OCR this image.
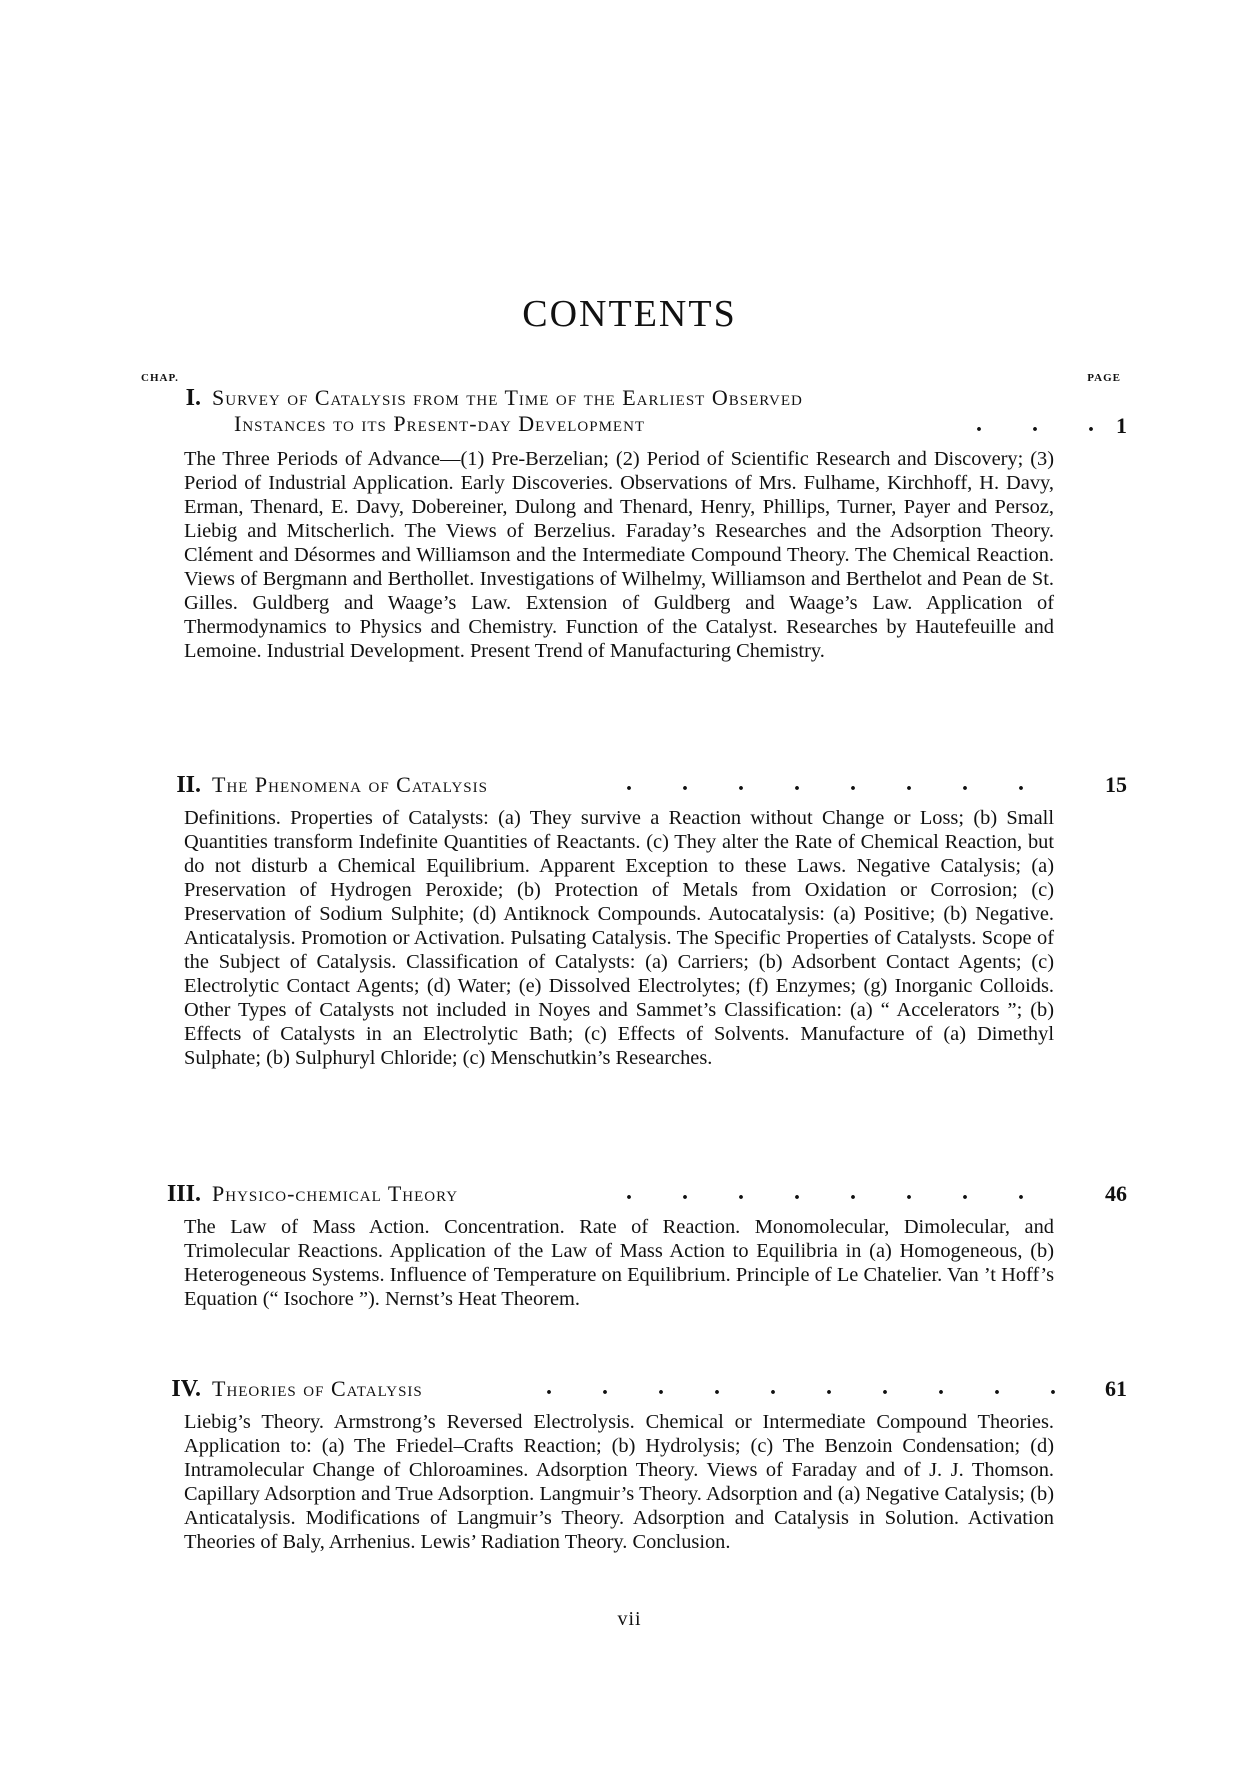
CONTENTS
CHAP.	PAGE
I. Survey of Catalysis from the Time of the Earliest Observed
Instances to its Present-day Development	. . . 1

The Three Periods of Advance—(1) Pre-Berzelian; (2) Period of Scientific Research and Discovery; (3) Period of Industrial Application. Early Discoveries. Observations of Mrs. Fulhame, Kirchhoff, H. Davy, Erman, Thenard, E. Davy, Dobereiner, Dulong and Thenard, Henry, Phillips, Turner, Payer and Persoz, Liebig and Mitscherlich. The Views of Berzelius. Faraday’s Researches and the Adsorption Theory. Clément and Désormes and Williamson and the Intermediate Compound Theory. The Chemical Reaction. Views of Bergmann and Berthollet. Investigations of Wilhelmy, Williamson and Berthelot and Pean de St. Gilles. Guldberg and Waage’s Law. Extension of Guldberg and Waage’s Law. Application of Thermodynamics to Physics and Chemistry. Function of the Catalyst. Researches by Hautefeuille and Lemoine. Industrial Development. Present Trend of Manufacturing Chemistry.

II. The Phenomena of Catalysis	. . . . . . . .	15

Definitions. Properties of Catalysts: (a) They survive a Reaction without Change or Loss; (b) Small Quantities transform Indefinite Quantities of Reactants. (c) They alter the Rate of Chemical Reaction, but do not disturb a Chemical Equilibrium. Apparent Exception to these Laws. Negative Catalysis; (a) Preservation of Hydrogen Peroxide; (b) Protection of Metals from Oxidation or Corrosion; (c) Preservation of Sodium Sulphite; (d) Antiknock Compounds. Autocatalysis: (a) Positive; (b) Negative. Anticatalysis. Promotion or Activation. Pulsating Catalysis. The Specific Properties of Catalysts. Scope of the Subject of Catalysis. Classification of Catalysts: (a) Carriers; (b) Adsorbent Contact Agents; (c) Electrolytic Contact Agents; (d) Water; (e) Dissolved Electrolytes; (f) Enzymes; (g) Inorganic Colloids. Other Types of Catalysts not included in Noyes and Sammet’s Classification: (a) “ Accelerators ”; (b) Effects of Catalysts in an Electrolytic Bath; (c) Effects of Solvents. Manufacture of (a) Dimethyl Sulphate; (b) Sulphuryl Chloride; (c) Menschutkin’s Researches.

III. Physico-chemical Theory	. . . . . . . .	46

The Law of Mass Action. Concentration. Rate of Reaction. Monomolecular, Dimolecular, and Trimolecular Reactions. Application of the Law of Mass Action to Equilibria in (a) Homogeneous, (b) Heterogeneous Systems. Influence of Temperature on Equilibrium. Principle of Le Chatelier. Van ’t Hoff’s Equation (“ Isochore ”). Nernst’s Heat Theorem.

IV. Theories of Catalysis	. . . . . . . . . . 61

Liebig’s Theory. Armstrong’s Reversed Electrolysis. Chemical or Intermediate Compound Theories. Application to: (a) The Friedel–Crafts Reaction; (b) Hydrolysis; (c) The Benzoin Condensation; (d) Intramolecular Change of Chloroamines. Adsorption Theory. Views of Faraday and of J. J. Thomson. Capillary Adsorption and True Adsorption. Langmuir’s Theory. Adsorption and (a) Negative Catalysis; (b) Anticatalysis. Modifications of Langmuir’s Theory. Adsorption and Catalysis in Solution. Activation Theories of Baly, Arrhenius. Lewis’ Radiation Theory. Conclusion.

vii
